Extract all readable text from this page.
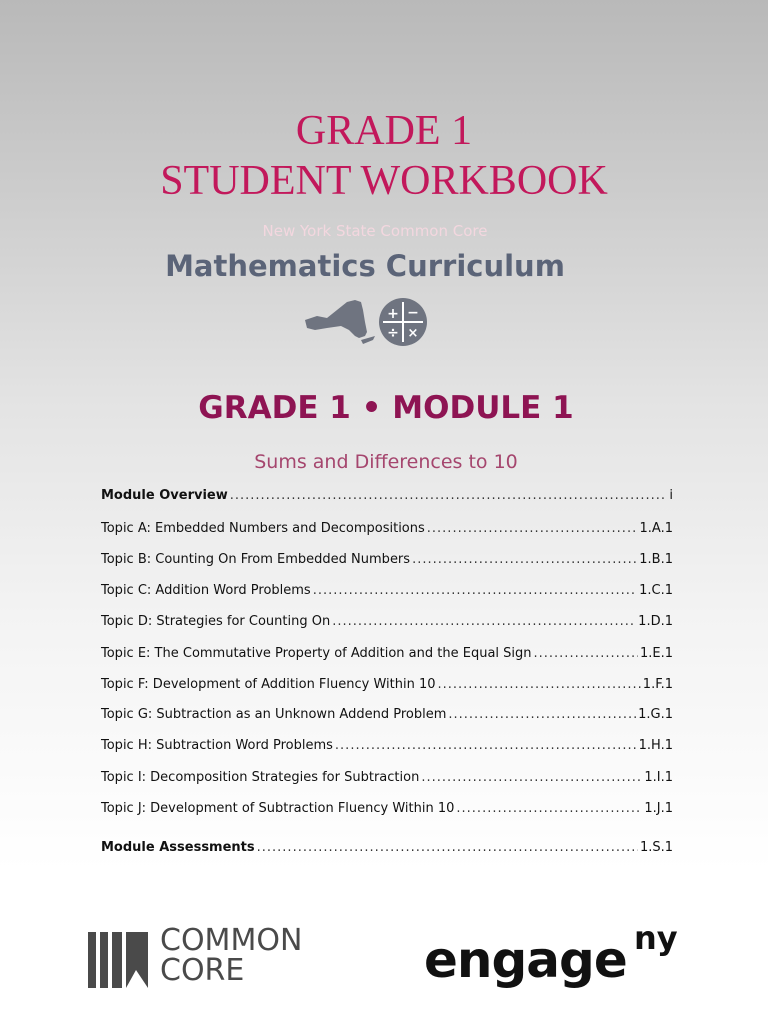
GRADE 1
STUDENT WORKBOOK
New York State Common Core
Mathematics Curriculum
+ −
÷ ×
GRADE 1 • MODULE 1
Sums and Differences to 10
Module Overview .....	i
Topic A: Embedded Numbers and Decompositions .....	1.A.1
Topic B: Counting On From Embedded Numbers .....	1.B.1
Topic C: Addition Word Problems .....	1.C.1
Topic D: Strategies for Counting On .....	1.D.1
Topic E: The Commutative Property of Addition and the Equal Sign .....	1.E.1
Topic F: Development of Addition Fluency Within 10 .....	1.F.1
Topic G: Subtraction as an Unknown Addend Problem .....	1.G.1
Topic H: Subtraction Word Problems .....	1.H.1
Topic I: Decomposition Strategies for Subtraction .....	1.I.1
Topic J: Development of Subtraction Fluency Within 10 .....	1.J.1
Module Assessments .....	1.S.1
COMMON
CORE	engage ny
